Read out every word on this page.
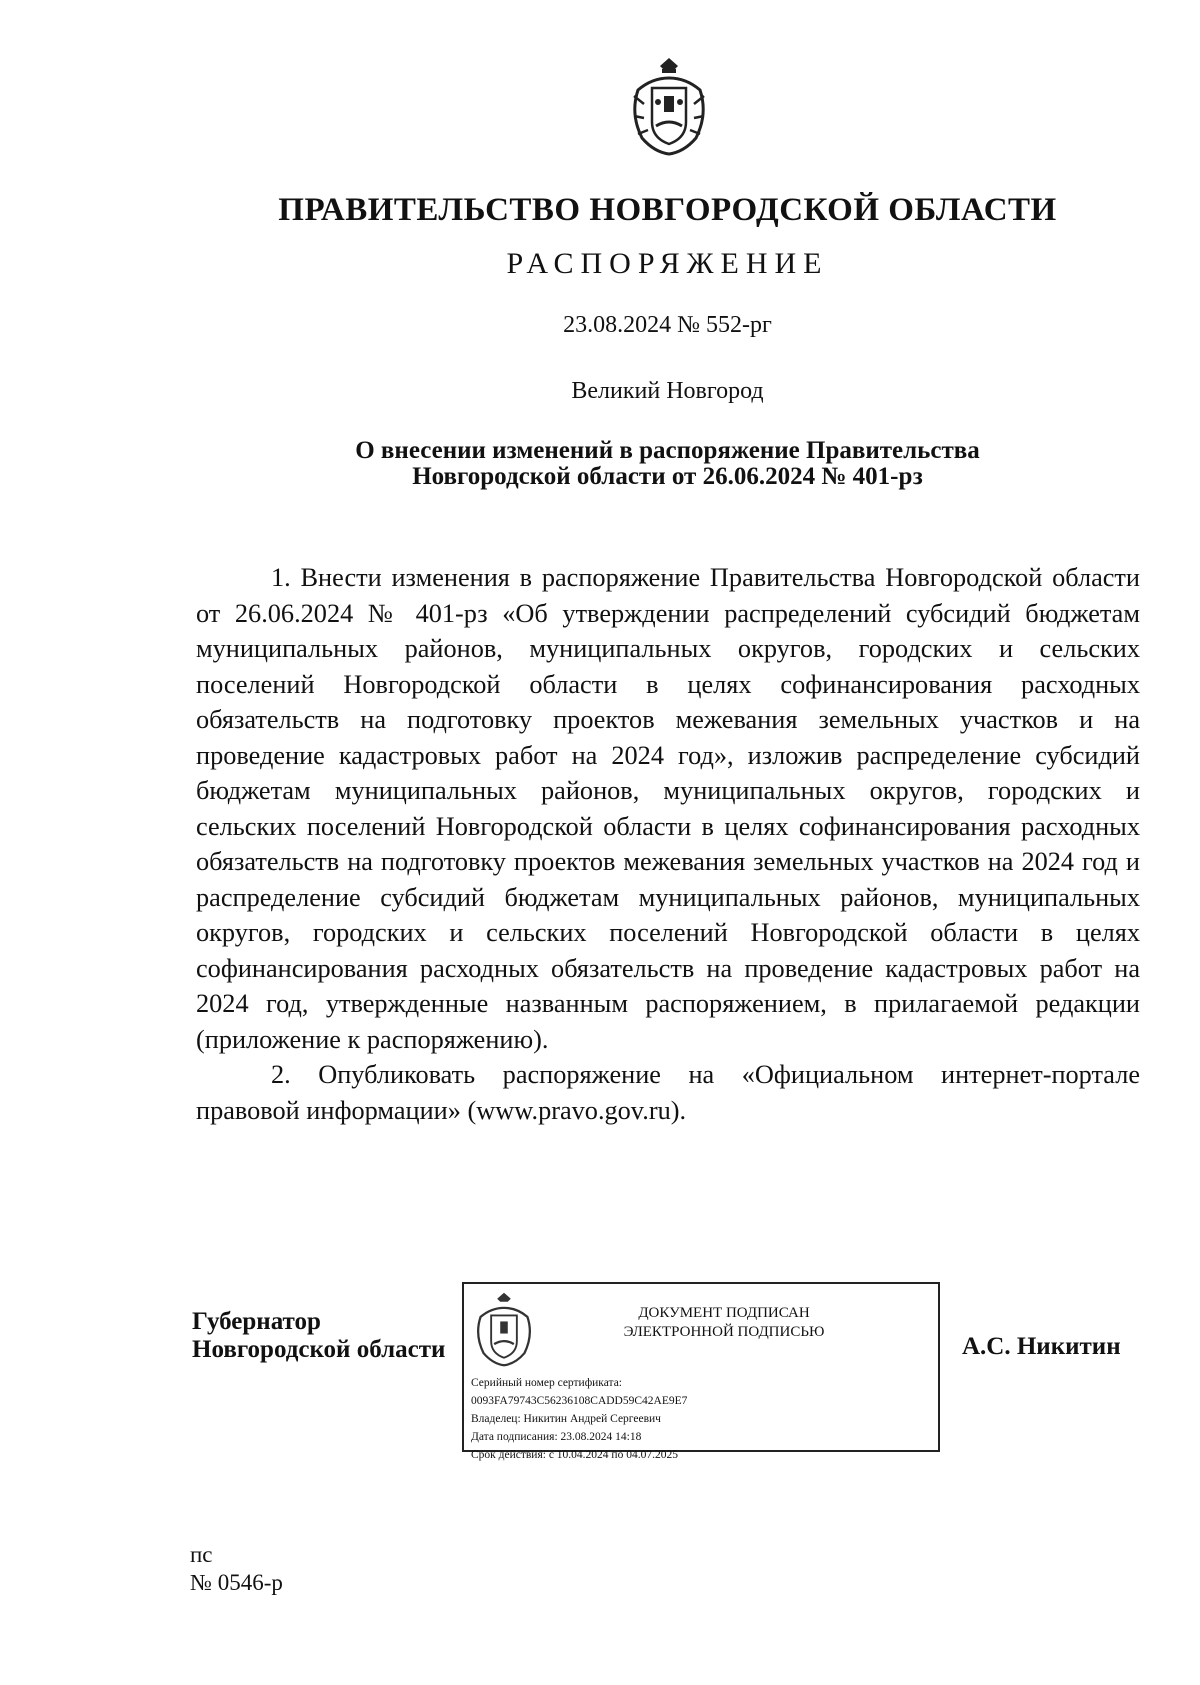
ПРАВИТЕЛЬСТВО НОВГОРОДСКОЙ ОБЛАСТИ
РАСПОРЯЖЕНИЕ
23.08.2024 № 552-рг
Великий Новгород
О внесении изменений в распоряжение Правительства
Новгородской области от 26.06.2024 № 401-рз

1. Внести изменения в распоряжение Правительства Новгородской области от 26.06.2024 № 401-рз «Об утверждении распределений субсидий бюджетам муниципальных районов, муниципальных округов, городских и сельских поселений Новгородской области в целях софинансирования расходных обязательств на подготовку проектов межевания земельных участков и на проведение кадастровых работ на 2024 год», изложив распределение субсидий бюджетам муниципальных районов, муниципальных округов, городских и сельских поселений Новгородской области в целях софинансирования расходных обязательств на подготовку проектов межевания земельных участков на 2024 год и распределение субсидий бюджетам муниципальных районов, муниципальных округов, городских и сельских поселений Новгородской области в целях софинансирования расходных обязательств на проведение кадастровых работ на 2024 год, утвержденные названным распоряжением, в прилагаемой редакции (приложение к распоряжению).

2. Опубликовать распоряжение на «Официальном интернет-портале правовой информации» (www.pravo.gov.ru).

Губернатор
Новгородской области
ДОКУМЕНТ ПОДПИСАН
ЭЛЕКТРОННОЙ ПОДПИСЬЮ
Серийный номер сертификата:
0093FA79743C56236108CADD59C42AE9E7
Владелец: Никитин Андрей Сергеевич
Дата подписания: 23.08.2024 14:18
Срок действия: с 10.04.2024 по 04.07.2025
А.С. Никитин
пс
№ 0546-р
